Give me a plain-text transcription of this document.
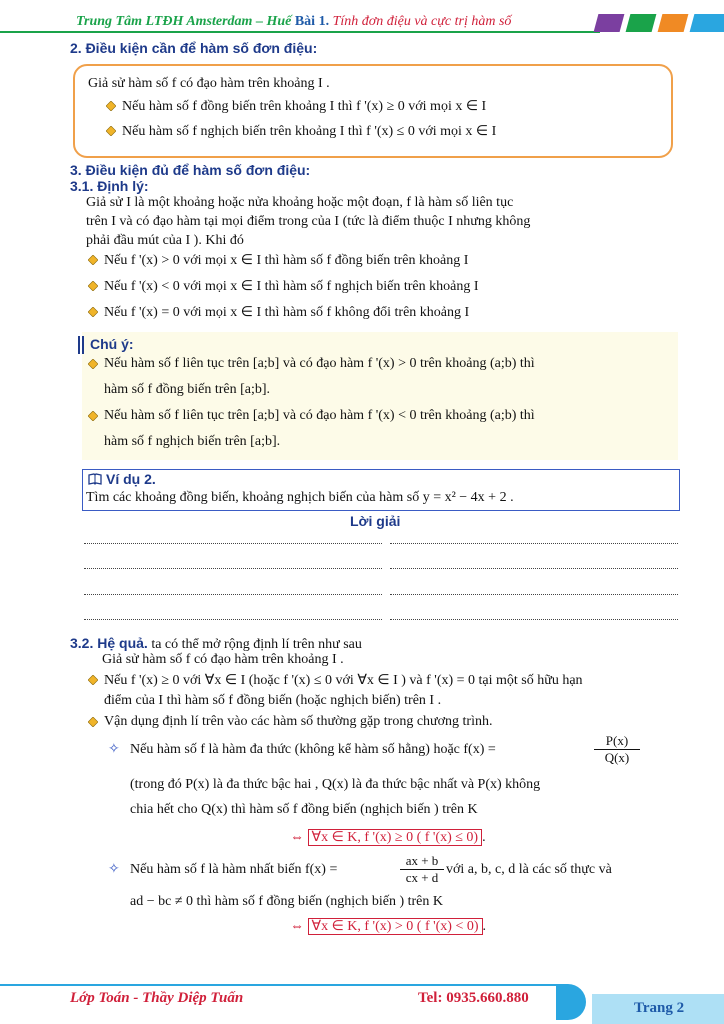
Trung Tâm LTĐH Amsterdam – Huế Bài 1. Tính đơn điệu và cực trị hàm số
2. Điều kiện cần để hàm số đơn điệu:
Giả sử hàm số f có đạo hàm trên khoảng I .
Nếu hàm số f đồng biến trên khoảng I thì f '(x) ≥ 0 với mọi x ∈ I
Nếu hàm số f nghịch biến trên khoảng I thì f '(x) ≤ 0 với mọi x ∈ I
3. Điều kiện đủ để hàm số đơn điệu:
3.1. Định lý:
Giả sử I là một khoảng hoặc nửa khoảng hoặc một đoạn, f là hàm số liên tục
trên I và có đạo hàm tại mọi điểm trong của I (tức là điểm thuộc I nhưng không
phải đầu mút của I ). Khi đó
Nếu f '(x) > 0 với mọi x ∈ I thì hàm số f đồng biến trên khoảng I
Nếu f '(x) < 0 với mọi x ∈ I thì hàm số f nghịch biến trên khoảng I
Nếu f '(x) = 0 với mọi x ∈ I thì hàm số f không đổi trên khoảng I
Chú ý:
Nếu hàm số f liên tục trên [a;b] và có đạo hàm f '(x) > 0 trên khoảng (a;b) thì
hàm số f đồng biến trên [a;b].
Nếu hàm số f liên tục trên [a;b] và có đạo hàm f '(x) < 0 trên khoảng (a;b) thì
hàm số f nghịch biến trên [a;b].
Ví dụ 2.
Tìm các khoảng đồng biến, khoảng nghịch biến của hàm số y = x² − 4x + 2 .
Lời giải
3.2. Hệ quả. ta có thể mở rộng định lí trên như sau
Giả sử hàm số f có đạo hàm trên khoảng I .
Nếu f '(x) ≥ 0 với ∀x ∈ I (hoặc f '(x) ≤ 0 với ∀x ∈ I ) và f '(x) = 0 tại một số hữu hạn
điểm của I thì hàm số f đồng biến (hoặc nghịch biến) trên I .
Vận dụng định lí trên vào các hàm số thường gặp trong chương trình.
✧ Nếu hàm số f là hàm đa thức (không kể hàm số hằng) hoặc f(x) =	$\frac{P(x)}{Q(x)}$
(trong đó P(x) là đa thức bậc hai , Q(x) là đa thức bậc nhất và P(x) không
chia hết cho Q(x) thì hàm số f đồng biến (nghịch biến ) trên K
⇔ ∀x ∈ K, f '(x) ≥ 0 ( f '(x) ≤ 0) .
✧ Nếu hàm số f là hàm nhất biến f(x) =	$\frac{ax + b}{cx + d}$ với a, b, c, d là các số thực và
ad − bc ≠ 0 thì hàm số f đồng biến (nghịch biến ) trên K
⇔ ∀x ∈ K, f '(x) > 0 ( f '(x) < 0) .
Lớp Toán - Thầy Diệp Tuấn	Tel: 0935.660.880
Trang 2
